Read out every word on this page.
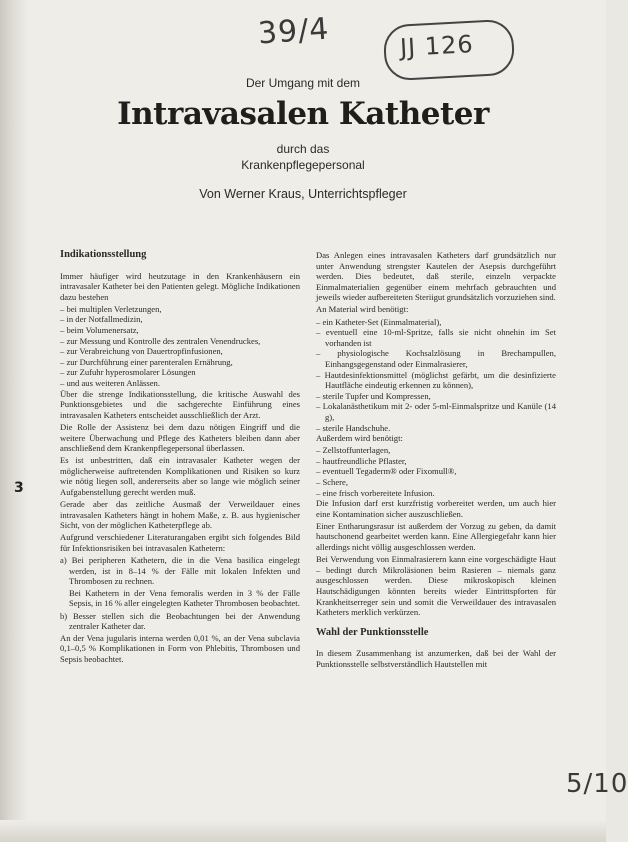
39/4	JJ 126
3
5/10
Der Umgang mit dem
Intravasalen Katheter
durch das
Krankenpflegepersonal
Von Werner Kraus, Unterrichtspfleger
Indikationsstellung

Immer häufiger wird heutzutage in den Krankenhäusern ein intravasaler Katheter bei den Patienten gelegt. Mögliche Indikationen dazu bestehen

– bei multiplen Verletzungen,
– in der Notfallmedizin,
– beim Volumenersatz,
– zur Messung und Kontrolle des zentralen Venendruckes,
– zur Verabreichung von Dauertropfinfusionen,
– zur Durchführung einer parenteralen Ernährung,
– zur Zufuhr hyperosmolarer Lösungen
– und aus weiteren Anlässen.

Über die strenge Indikationsstellung, die kritische Auswahl des Punktionsgebietes und die sachgerechte Einführung eines intravasalen Katheters entscheidet ausschließlich der Arzt.

Die Rolle der Assistenz bei dem dazu nötigen Eingriff und die weitere Überwachung und Pflege des Katheters bleiben dann aber anschließend dem Krankenpflegepersonal überlassen.

Es ist unbestritten, daß ein intravasaler Katheter wegen der möglicherweise auftretenden Komplikationen und Risiken so kurz wie nötig liegen soll, andererseits aber so lange wie möglich seiner Aufgabenstellung gerecht werden muß.

Gerade aber das zeitliche Ausmaß der Verweildauer eines intravasalen Katheters hängt in hohem Maße, z. B. aus hygienischer Sicht, von der möglichen Katheterpflege ab.

Aufgrund verschiedener Literaturangaben ergibt sich folgendes Bild für Infektionsrisiken bei intravasalen Kathetern:

a) Bei peripheren Kathetern, die in die Vena basilica eingelegt werden, ist in 8–14 % der Fälle mit lokalen Infekten und Thrombosen zu rechnen.

Bei Kathetern in der Vena femoralis werden in 3 % der Fälle Sepsis, in 16 % aller eingelegten Katheter Thrombosen beobachtet.

b) Besser stellen sich die Beobachtungen bei der Anwendung zentraler Katheter dar.

An der Vena jugularis interna werden 0,01 %, an der Vena subclavia 0,1–0,5 % Komplikationen in Form von Phlebitis, Thrombosen und Sepsis beobachtet.

Das Anlegen eines intravasalen Katheters darf grundsätzlich nur unter Anwendung strengster Kautelen der Asepsis durchgeführt werden. Dies bedeutet, daß sterile, einzeln verpackte Einmalmaterialien gegenüber einem mehrfach gebrauchten und jeweils wieder aufbereiteten Steriigut grundsätzlich vorzuziehen sind.

An Material wird benötigt:

– ein Katheter-Set (Einmalmaterial),
– eventuell eine 10-ml-Spritze, falls sie nicht ohnehin im Set vorhanden ist
– physiologische Kochsalzlösung in Brechampullen, Einhangsgegenstand oder Einmalrasierer,
– Hautdesinfektionsmittel (möglichst gefärbt, um die desinfizierte Hautfläche eindeutig erkennen zu können),
– sterile Tupfer und Kompressen,
– Lokalanästhetikum mit 2- oder 5-ml-Einmalspritze und Kanüle (14 g),
– sterile Handschuhe.

Außerdem wird benötigt:

– Zellstoffunterlagen,
– hautfreundliche Pflaster,
– eventuell Tegaderm® oder Fixomull®,
– Schere,
– eine frisch vorbereitete Infusion.

Die Infusion darf erst kurzfristig vorbereitet werden, um auch hier eine Kontamination sicher auszuschließen.

Einer Entharungsrasur ist außerdem der Vorzug zu geben, da damit hautschonend gearbeitet werden kann. Eine Allergiegefahr kann hier allerdings nicht völlig ausgeschlossen werden.

Bei Verwendung von Einmalrasierern kann eine vorgeschädigte Haut – bedingt durch Mikroläsionen beim Rasieren – niemals ganz ausgeschlossen werden. Diese mikroskopisch kleinen Hautschädigungen könnten bereits wieder Eintrittspforten für Krankheitserreger sein und somit die Verweildauer des intravasalen Katheters merklich verkürzen.

Wahl der Punktionsstelle

In diesem Zusammenhang ist anzumerken, daß bei der Wahl der Punktionsstelle selbstverständlich Hautstellen mit
